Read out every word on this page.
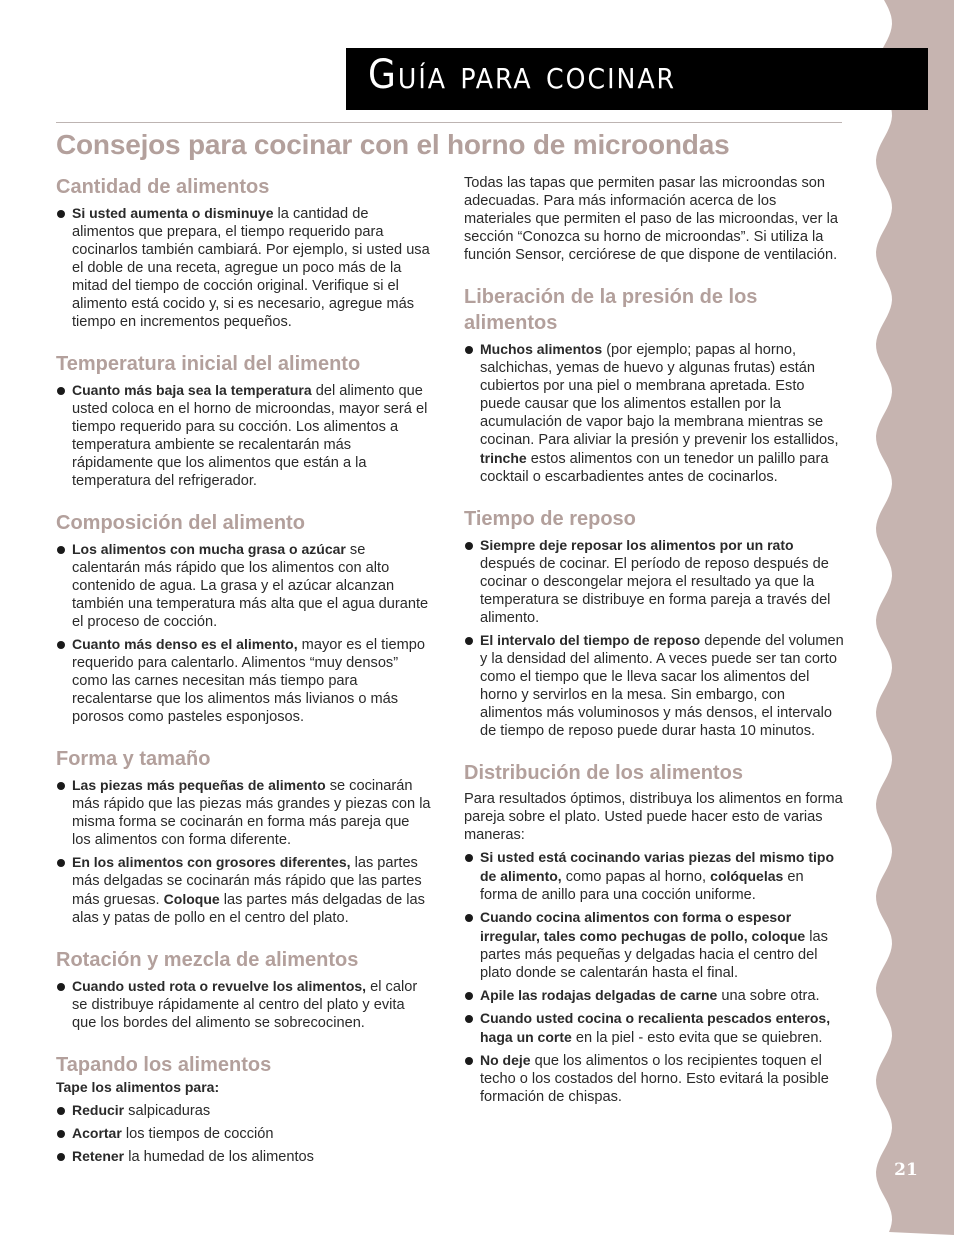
21
Guía para cocinar
Consejos para cocinar con el horno de microondas
Cantidad de alimentos
Si usted aumenta o disminuye la cantidad de alimentos que prepara, el tiempo requerido para cocinarlos también cambiará. Por ejemplo, si usted usa el doble de una receta, agregue un poco más de la mitad del tiempo de cocción original. Verifique si el alimento está cocido y, si es necesario, agregue más tiempo en incrementos pequeños.
Temperatura inicial del alimento
Cuanto más baja sea la temperatura del alimento que usted coloca en el horno de microondas, mayor será el tiempo requerido para su cocción. Los alimentos a temperatura ambiente se recalentarán más rápidamente que los alimentos que están a la temperatura del refrigerador.
Composición del alimento
Los alimentos con mucha grasa o azúcar se calentarán más rápido que los alimentos con alto contenido de agua. La grasa y el azúcar alcanzan también una temperatura más alta que el agua durante el proceso de cocción.
Cuanto más denso es el alimento, mayor es el tiempo requerido para calentarlo. Alimentos “muy densos” como las carnes necesitan más tiempo para recalentarse que los alimentos más livianos o más porosos como pasteles esponjosos.
Forma y tamaño
Las piezas más pequeñas de alimento se cocinarán más rápido que las piezas más grandes y piezas con la misma forma se cocinarán en forma más pareja que los alimentos con forma diferente.
En los alimentos con grosores diferentes, las partes más delgadas se cocinarán más rápido que las partes más gruesas. Coloque las partes más delgadas de las alas y patas de pollo en el centro del plato.
Rotación y mezcla de alimentos
Cuando usted rota o revuelve los alimentos, el calor se distribuye rápidamente al centro del plato y evita que los bordes del alimento se sobrecocinen.
Tapando los alimentos

Tape los alimentos para:

Reducir salpicaduras
Acortar los tiempos de cocción
Retener la humedad de los alimentos

Todas las tapas que permiten pasar las microondas son adecuadas. Para más información acerca de los materiales que permiten el paso de las microondas, ver la sección “Conozca su horno de microondas”. Si utiliza la función Sensor, cerciórese de que dispone de ventilación.

Liberación de la presión de los alimentos
Muchos alimentos (por ejemplo; papas al horno, salchichas, yemas de huevo y algunas frutas) están cubiertos por una piel o membrana apretada. Esto puede causar que los alimentos estallen por la acumulación de vapor bajo la membrana mientras se cocinan. Para aliviar la presión y prevenir los estallidos, trinche estos alimentos con un tenedor un palillo para cocktail o escarbadientes antes de cocinarlos.
Tiempo de reposo
Siempre deje reposar los alimentos por un rato después de cocinar. El período de reposo después de cocinar o descongelar mejora el resultado ya que la temperatura se distribuye en forma pareja a través del alimento.
El intervalo del tiempo de reposo depende del volumen y la densidad del alimento. A veces puede ser tan corto como el tiempo que le lleva sacar los alimentos del horno y servirlos en la mesa. Sin embargo, con alimentos más voluminosos y más densos, el intervalo de tiempo de reposo puede durar hasta 10 minutos.
Distribución de los alimentos

Para resultados óptimos, distribuya los alimentos en forma pareja sobre el plato. Usted puede hacer esto de varias maneras:

Si usted está cocinando varias piezas del mismo tipo de alimento, como papas al horno, colóquelas en forma de anillo para una cocción uniforme.
Cuando cocina alimentos con forma o espesor irregular, tales como pechugas de pollo, coloque las partes más pequeñas y delgadas hacia el centro del plato donde se calentarán hasta el final.
Apile las rodajas delgadas de carne una sobre otra.
Cuando usted cocina o recalienta pescados enteros, haga un corte en la piel - esto evita que se quiebren.
No deje que los alimentos o los recipientes toquen el techo o los costados del horno. Esto evitará la posible formación de chispas.
